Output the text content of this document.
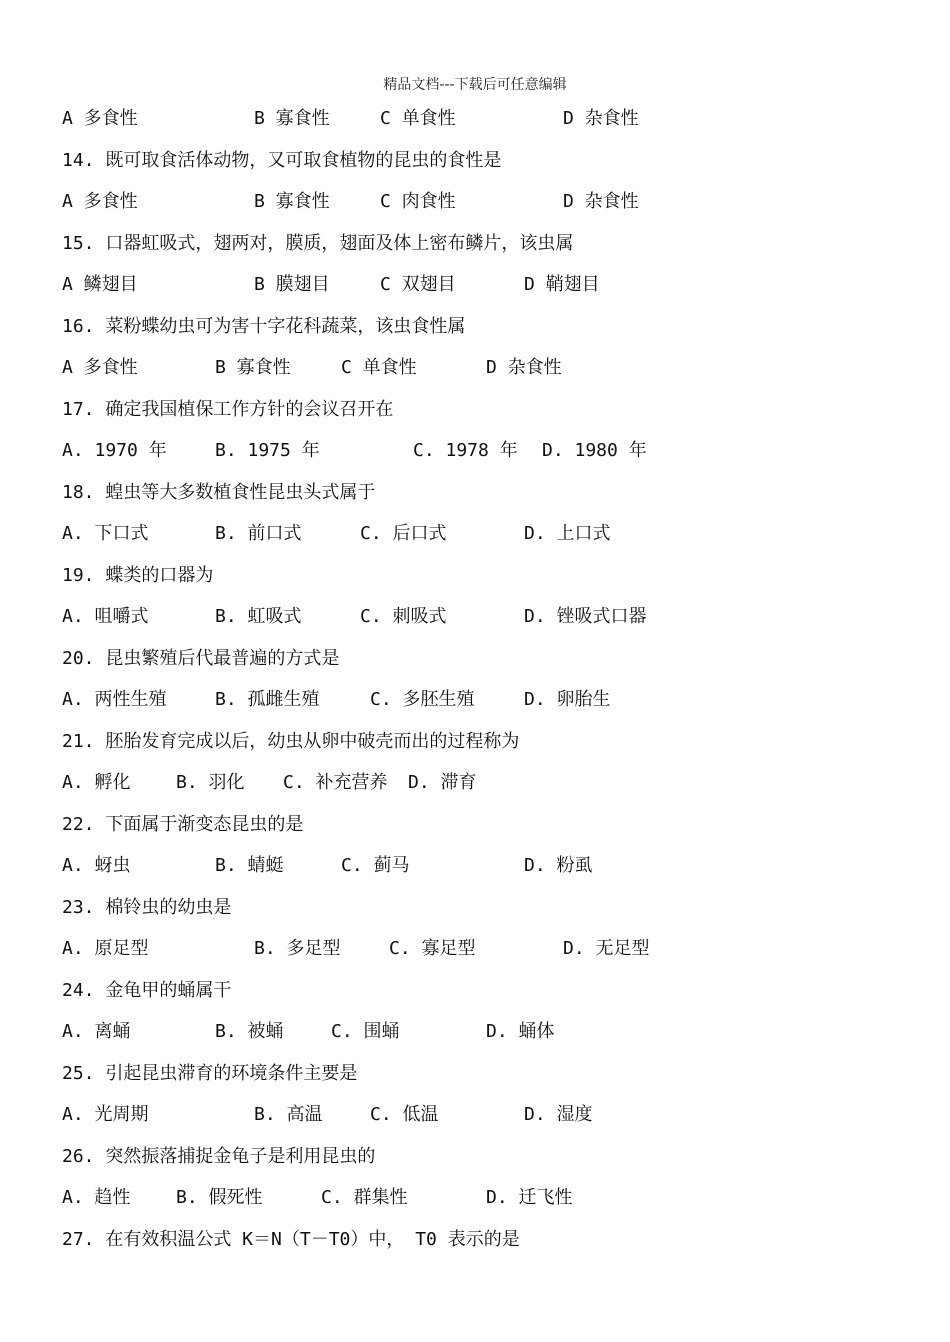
精品文档---下载后可任意编辑
A 多食性	B 寡食性	C 单食性	D 杂食性
14. 既可取食活体动物，又可取食植物的昆虫的食性是
A 多食性	B 寡食性	C 肉食性	D 杂食性
15. 口器虹吸式，翅两对，膜质，翅面及体上密布鳞片，该虫属
A 鳞翅目	B 膜翅目	C 双翅目	D 鞘翅目
16. 菜粉蝶幼虫可为害十字花科蔬菜，该虫食性属
A 多食性	B 寡食性	C 单食性	D 杂食性
17. 确定我国植保工作方针的会议召开在
A. 1970 年	B. 1975 年	C. 1978 年 D. 1980 年
18. 蝗虫等大多数植食性昆虫头式属于
A. 下口式	B. 前口式	C. 后口式	D. 上口式
19. 蝶类的口器为
A. 咀嚼式	B. 虹吸式	C. 刺吸式	D. 锉吸式口器
20. 昆虫繁殖后代最普遍的方式是
A. 两性生殖	B. 孤雌生殖	C. 多胚生殖	D. 卵胎生
21. 胚胎发育完成以后，幼虫从卵中破壳而出的过程称为
A. 孵化	B. 羽化 C. 补充营养 D. 滞育
22. 下面属于渐变态昆虫的是
A. 蚜虫	B. 蜻蜓	C. 蓟马	D. 粉虱
23. 棉铃虫的幼虫是
A. 原足型	B. 多足型	C. 寡足型	D. 无足型
24. 金龟甲的蛹属干
A. 离蛹	B. 被蛹	C. 围蛹	D. 蛹体
25. 引起昆虫滞育的环境条件主要是
A. 光周期	B. 高温	C. 低温	D. 湿度
26. 突然振落捕捉金龟子是利用昆虫的
A. 趋性	B. 假死性	C. 群集性	D. 迁飞性
27. 在有效积温公式 K＝N（T－T0）中， T0 表示的是
